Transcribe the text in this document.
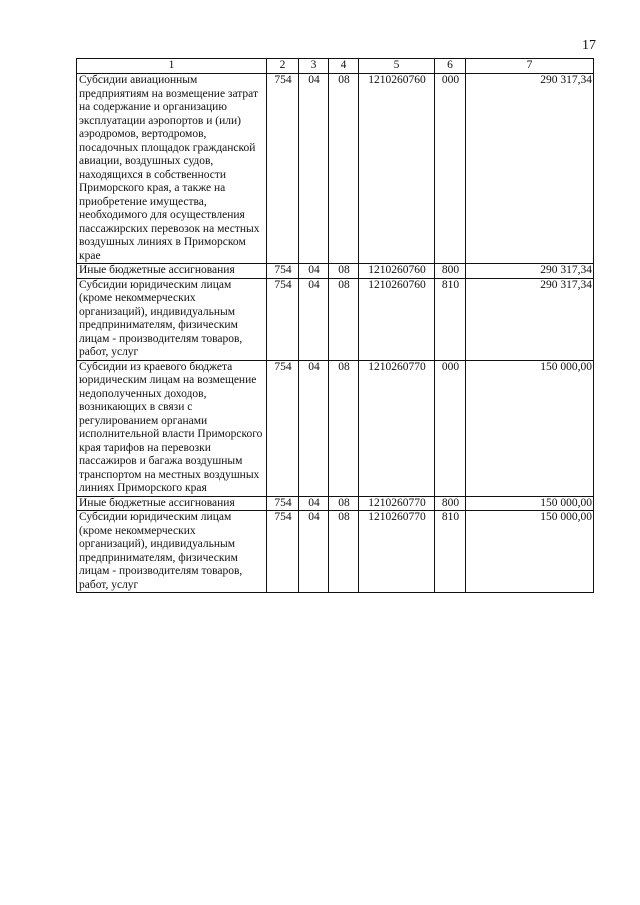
17
1	2	3	4	5	6	7
Субсидии авиационным предприятиям на возмещение затрат на содержание и организацию эксплуатации аэропортов и (или) аэродромов, вертодромов, посадочных площадок гражданской авиации, воздушных судов, находящихся в собственности Приморского края, а также на приобретение имущества, необходимого для осуществления пассажирских перевозок на местных воздушных линиях в Приморском крае	754	04	08	1210260760	000	290 317,34
Иные бюджетные ассигнования	754	04	08	1210260760	800	290 317,34
Субсидии юридическим лицам (кроме некоммерческих организаций), индивидуальным предпринимателям, физическим лицам - производителям товаров, работ, услуг	754	04	08	1210260760	810	290 317,34
Субсидии из краевого бюджета юридическим лицам на возмещение недополученных доходов, возникающих в связи с регулированием органами исполнительной власти Приморского края тарифов на перевозки пассажиров и багажа воздушным транспортом на местных воздушных линиях Приморского края	754	04	08	1210260770	000	150 000,00
Иные бюджетные ассигнования	754	04	08	1210260770	800	150 000,00
Субсидии юридическим лицам (кроме некоммерческих организаций), индивидуальным предпринимателям, физическим лицам - производителям товаров, работ, услуг	754	04	08	1210260770	810	150 000,00
